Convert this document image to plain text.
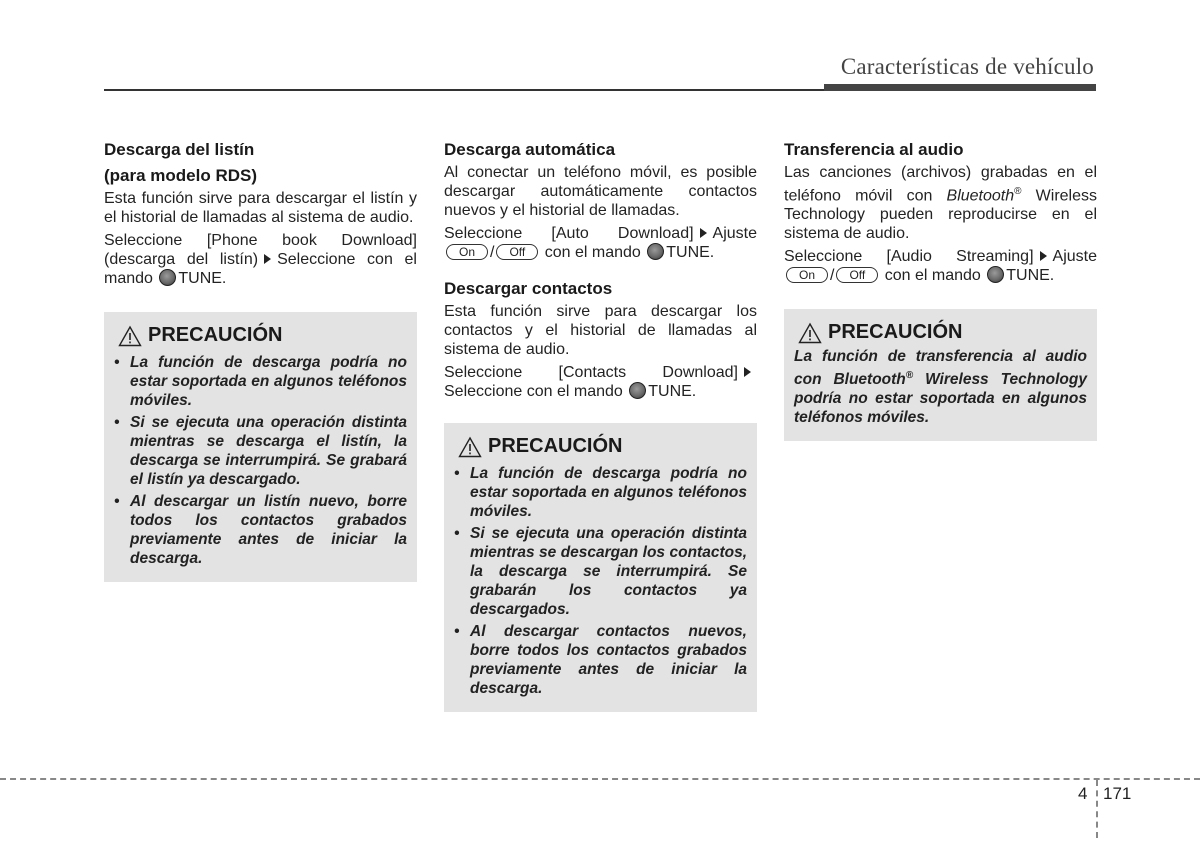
Características de vehículo
Descarga del listín
(para modelo RDS)

Esta función sirve para descargar el listín y el historial de llamadas al sistema de audio.

Seleccione [Phone book Download] (descarga del listín) Seleccione con el mando TUNE.

PRECAUCIÓN
• La función de descarga podría no estar soportada en algunos teléfonos móviles.
• Si se ejecuta una operación distinta mientras se descarga el listín, la descarga se interrumpirá. Se grabará el listín ya descargado.
• Al descargar un listín nuevo, borre todos los contactos grabados previamente antes de iniciar la descarga.
Descarga automática

Al conectar un teléfono móvil, es posible descargar automáticamente contactos nuevos y el historial de llamadas.

Seleccione [Auto Download] Ajuste On / Off con el mando TUNE.

Descargar contactos

Esta función sirve para descargar los contactos y el historial de llamadas al sistema de audio.

Seleccione [Contacts Download]Seleccione con el mando TUNE.

PRECAUCIÓN
• La función de descarga podría no estar soportada en algunos teléfonos móviles.
• Si se ejecuta una operación distinta mientras se descargan los contactos, la descarga se interrumpirá. Se grabarán los contactos ya descargados.
• Al descargar contactos nuevos, borre todos los contactos grabados previamente antes de iniciar la descarga.
Transferencia al audio

Las canciones (archivos) grabadas en el teléfono móvil con Bluetooth® Wireless Technology pueden reproducirse en el sistema de audio.

Seleccione [Audio Streaming] Ajuste On / Off con el mando TUNE.

PRECAUCIÓN

La función de transferencia al audio con Bluetooth® Wireless Technology podría no estar soportada en algunos teléfonos móviles.

4 171
